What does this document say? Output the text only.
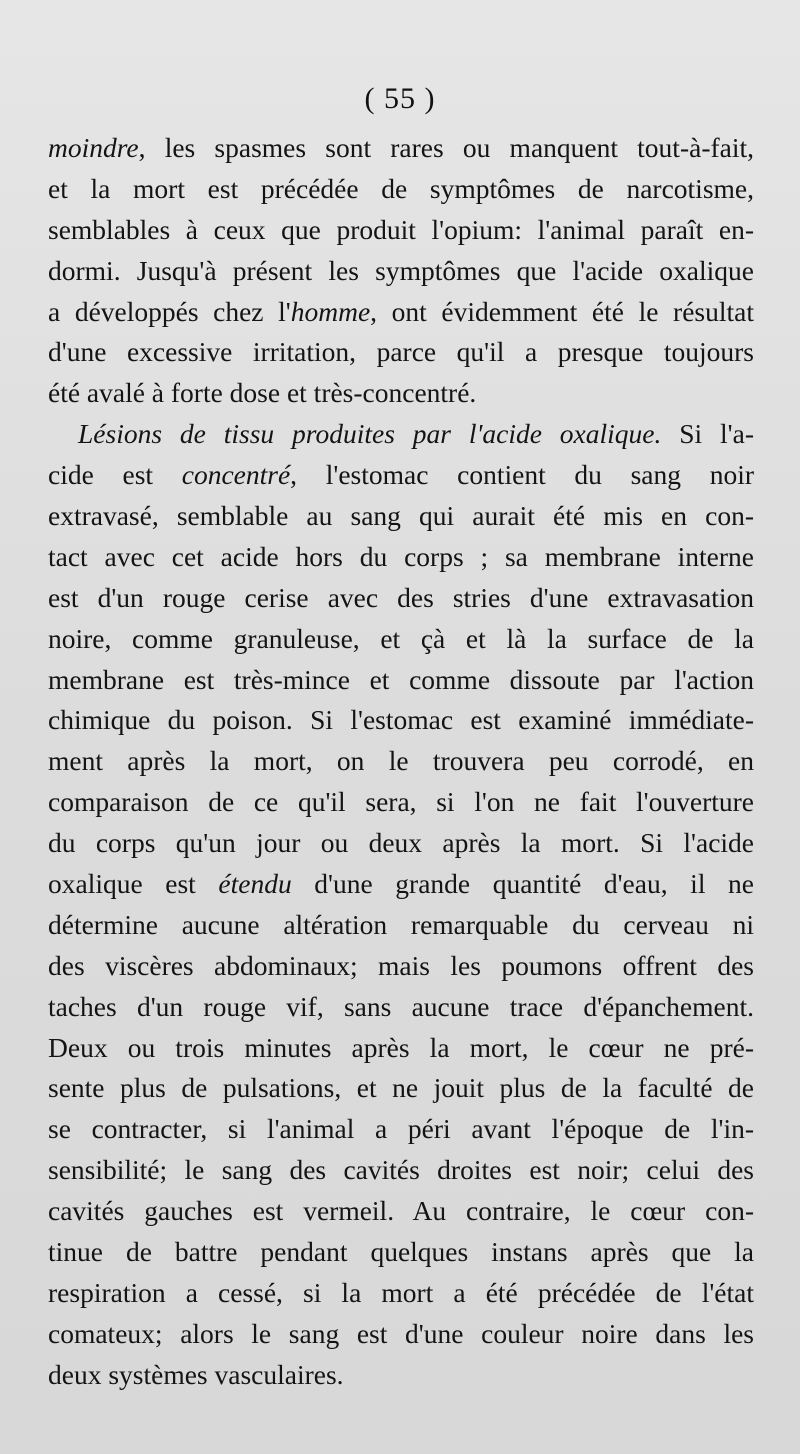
( 55 )
moindre, les spasmes sont rares ou manquent tout-à-fait,
et la mort est précédée de symptômes de narcotisme,
semblables à ceux que produit l'opium: l'animal paraît en-
dormi. Jusqu'à présent les symptômes que l'acide oxalique
a développés chez l'homme, ont évidemment été le résultat
d'une excessive irritation, parce qu'il a presque toujours
été avalé à forte dose et très-concentré.
Lésions de tissu produites par l'acide oxalique. Si l'a-
cide est concentré, l'estomac contient du sang noir
extravasé, semblable au sang qui aurait été mis en con-
tact avec cet acide hors du corps ; sa membrane interne
est d'un rouge cerise avec des stries d'une extravasation
noire, comme granuleuse, et çà et là la surface de la
membrane est très-mince et comme dissoute par l'action
chimique du poison. Si l'estomac est examiné immédiate-
ment après la mort, on le trouvera peu corrodé, en
comparaison de ce qu'il sera, si l'on ne fait l'ouverture
du corps qu'un jour ou deux après la mort. Si l'acide
oxalique est étendu d'une grande quantité d'eau, il ne
détermine aucune altération remarquable du cerveau ni
des viscères abdominaux; mais les poumons offrent des
taches d'un rouge vif, sans aucune trace d'épanchement.
Deux ou trois minutes après la mort, le cœur ne pré-
sente plus de pulsations, et ne jouit plus de la faculté de
se contracter, si l'animal a péri avant l'époque de l'in-
sensibilité; le sang des cavités droites est noir; celui des
cavités gauches est vermeil. Au contraire, le cœur con-
tinue de battre pendant quelques instans après que la
respiration a cessé, si la mort a été précédée de l'état
comateux; alors le sang est d'une couleur noire dans les
deux systèmes vasculaires.
